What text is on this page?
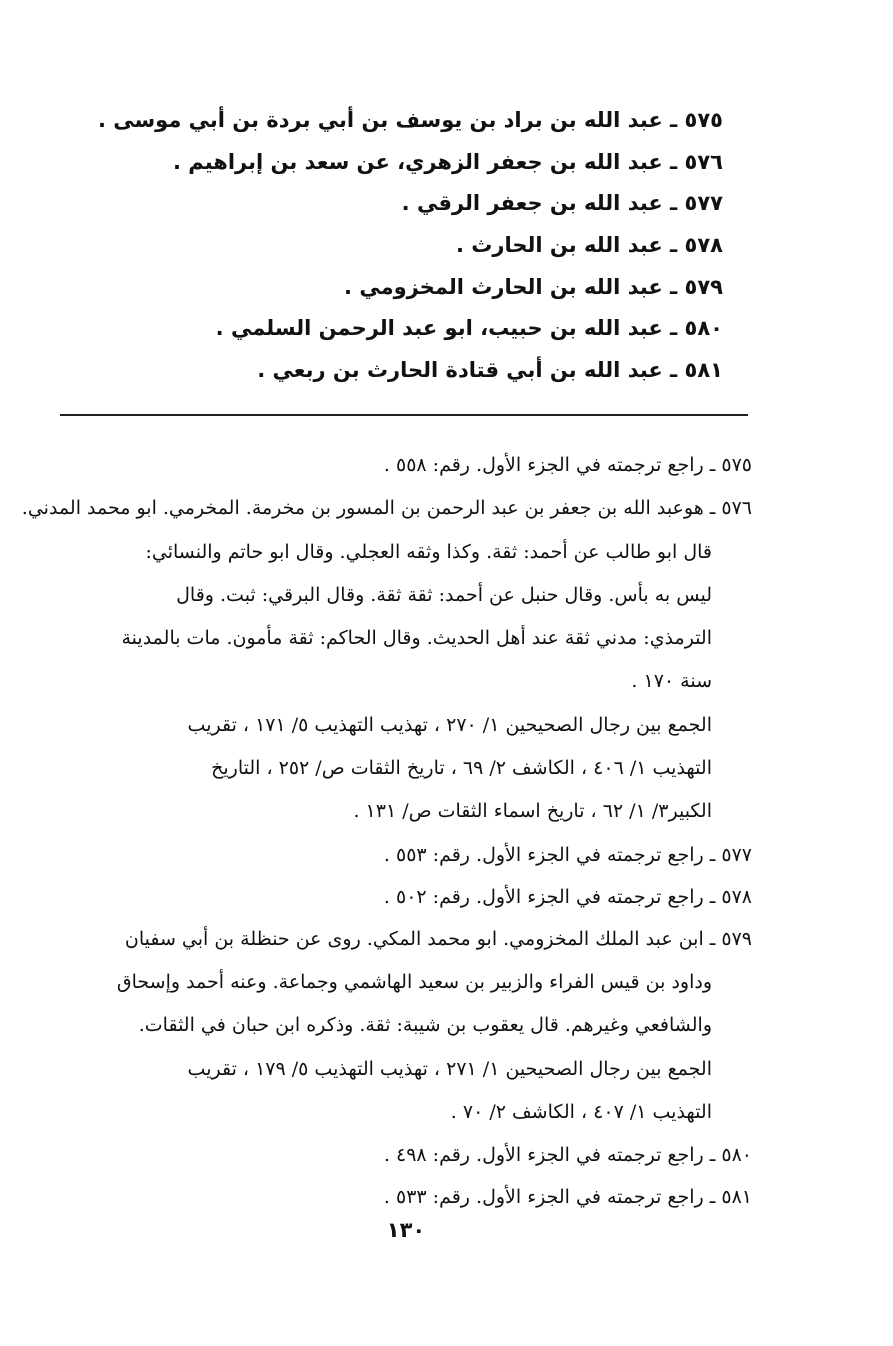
٥٧٥ ـ عبد الله بن براد بن يوسف بن أبي بردة بن أبي موسى .
٥٧٦ ـ عبد الله بن جعفر الزهري، عن سعد بن إبراهيم .
٥٧٧ ـ عبد الله بن جعفر الرقي .
٥٧٨ ـ عبد الله بن الحارث .
٥٧٩ ـ عبد الله بن الحارث المخزومي .
٥٨٠ ـ عبد الله بن حبيب، ابو عبد الرحمن السلمي .
٥٨١ ـ عبد الله بن أبي قتادة الحارث بن ربعي .
٥٧٥ ـ راجع ترجمته في الجزء الأول. رقم: ٥٥٨ .
٥٧٦ ـ هوعبد الله بن جعفر بن عبد الرحمن بن المسور بن مخرمة. المخرمي. ابو محمد المدني.
قال ابو طالب عن أحمد: ثقة. وكذا وثقه العجلي. وقال ابو حاتم والنسائي:
ليس به بأس. وقال حنبل عن أحمد: ثقة ثقة. وقال البرقي: ثبت. وقال
الترمذي: مدني ثقة عند أهل الحديث. وقال الحاكم: ثقة مأمون. مات بالمدينة
سنة ١٧٠ .
الجمع بين رجال الصحيحين ١/ ٢٧٠ ، تهذيب التهذيب ٥/ ١٧١ ، تقريب
التهذيب ١/ ٤٠٦ ، الكاشف ٢/ ٦٩ ، تاريخ الثقات ص/ ٢٥٢ ، التاريخ
الكبير٣/ ١/ ٦٢ ، تاريخ اسماء الثقات ص/ ١٣١ .
٥٧٧ ـ راجع ترجمته في الجزء الأول. رقم: ٥٥٣ .
٥٧٨ ـ راجع ترجمته في الجزء الأول. رقم: ٥٠٢ .
٥٧٩ ـ ابن عبد الملك المخزومي. ابو محمد المكي. روى عن حنظلة بن أبي سفيان
وداود بن قيس الفراء والزبير بن سعيد الهاشمي وجماعة. وعنه أحمد وإسحاق
والشافعي وغيرهم. قال يعقوب بن شيبة: ثقة. وذكره ابن حبان في الثقات.
الجمع بين رجال الصحيحين ١/ ٢٧١ ، تهذيب التهذيب ٥/ ١٧٩ ، تقريب
التهذيب ١/ ٤٠٧ ، الكاشف ٢/ ٧٠ .
٥٨٠ ـ راجع ترجمته في الجزء الأول. رقم: ٤٩٨ .
٥٨١ ـ راجع ترجمته في الجزء الأول. رقم: ٥٣٣ .
١٣٠
